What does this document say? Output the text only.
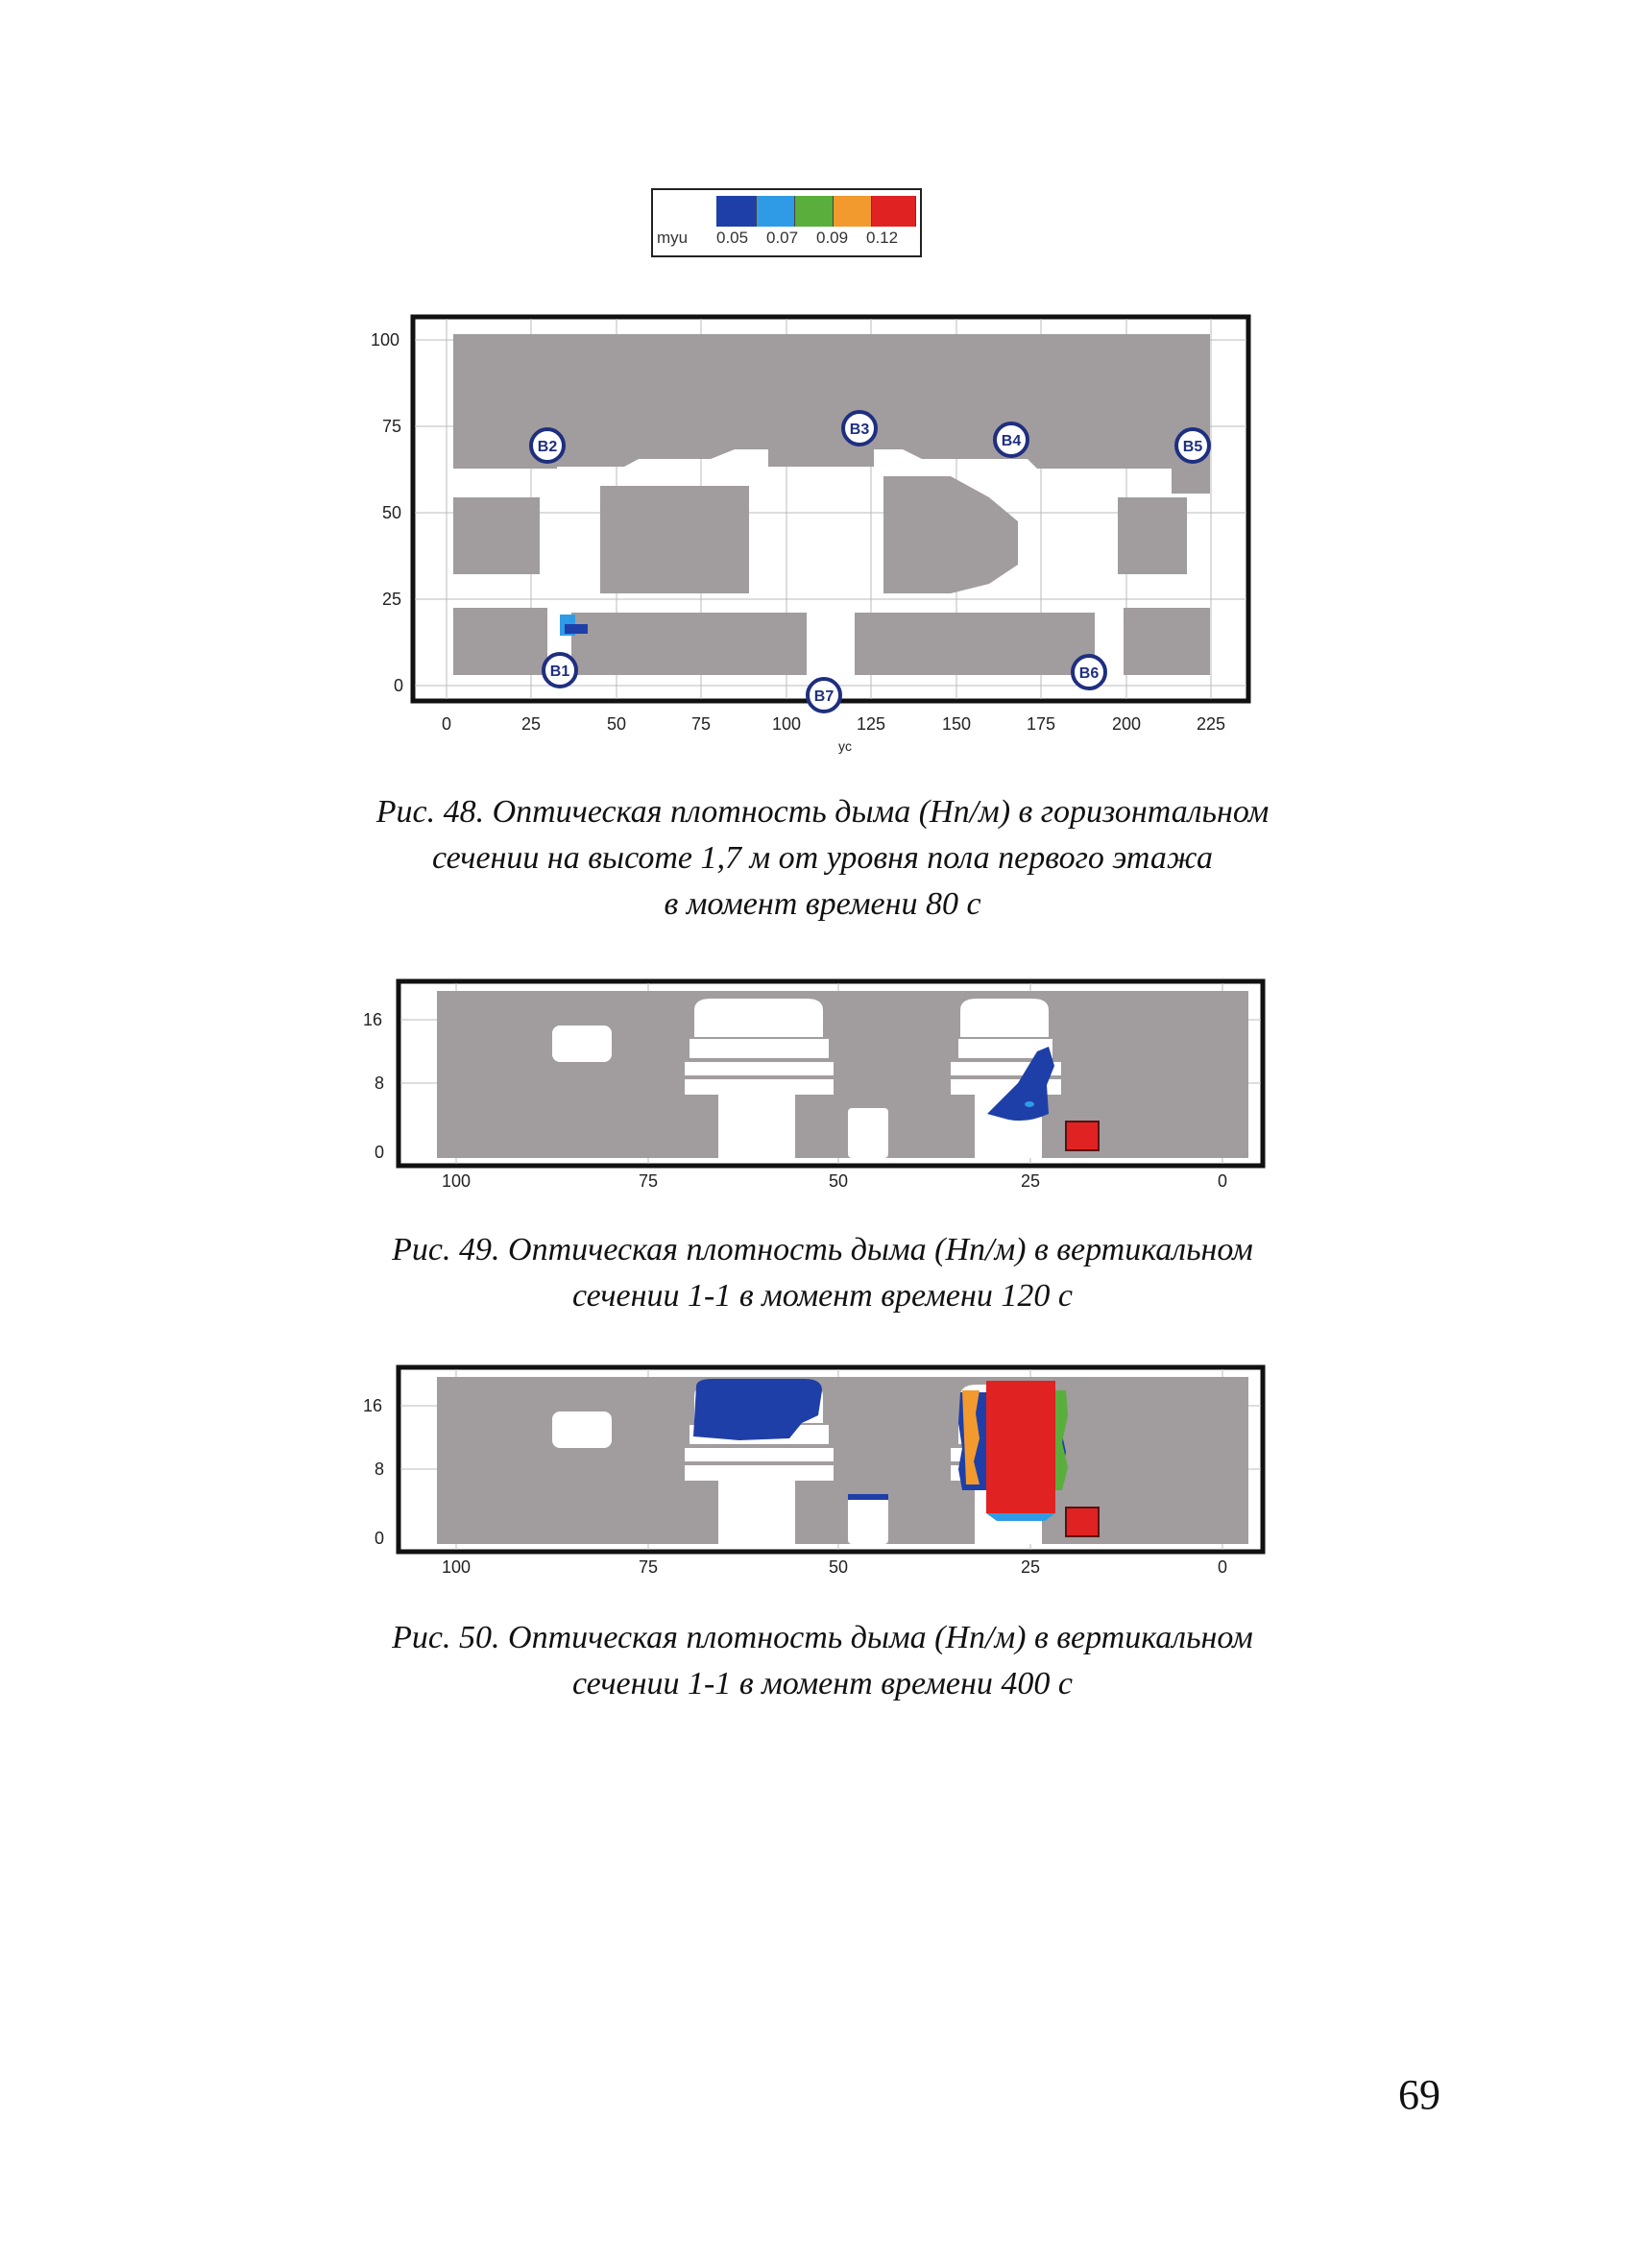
myu 0.05 0.07 0.09 0.12
100
75
50
25
0
0	25	50	75	100	125	150	175	200	225
yc
B1
B2
B3
B4	B5
B6
B7
Рис. 48. Оптическая плотность дыма (Нп/м) в горизонтальном
сечении на высоте 1,7 м от уровня пола первого этажа
в момент времени 80 с
16
8
0
100	75	50	25	0
Рис. 49. Оптическая плотность дыма (Нп/м) в вертикальном
сечении 1-1 в момент времени 120 с
16
8
0
100	75	50	25	0
Рис. 50. Оптическая плотность дыма (Нп/м) в вертикальном
сечении 1-1 в момент времени 400 с
69
